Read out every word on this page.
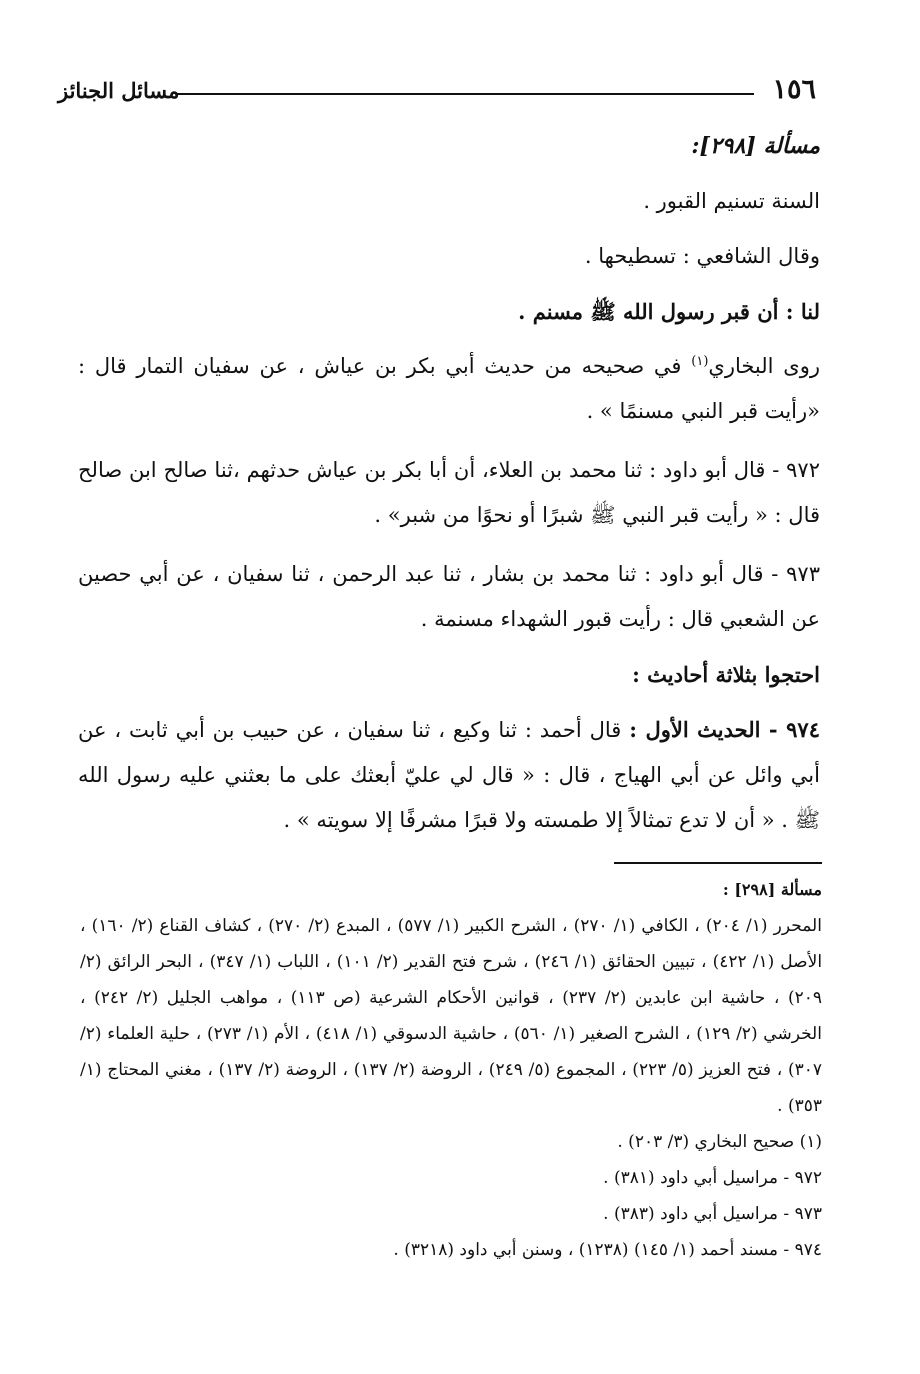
١٥٦
مسائل الجنائز

مسألة [٢٩٨]:

السنة تسنيم القبور .

وقال الشافعي : تسطيحها .

لنا : أن قبر رسول الله ﷺ مسنم .

روى البخاري$^{(١)}$ في صحيحه من حديث أبي بكر بن عياش ، عن سفيان التمار قال : «رأيت قبر النبي مسنمًا » .

٩٧٢ - قال أبو داود : ثنا محمد بن العلاء، أن أبا بكر بن عياش حدثهم ،ثنا صالح ابن صالح قال : « رأيت قبر النبي ﷺ شبرًا أو نحوًا من شبر» .

٩٧٣ - قال أبو داود : ثنا محمد بن بشار ، ثنا عبد الرحمن ، ثنا سفيان ، عن أبي حصين عن الشعبي قال : رأيت قبور الشهداء مسنمة .

احتجوا بثلاثة أحاديث :

٩٧٤ - الحديث الأول : قال أحمد : ثنا وكيع ، ثنا سفيان ، عن حبيب بن أبي ثابت ، عن أبي وائل عن أبي الهياج ، قال : « قال لي عليّ أبعثك على ما بعثني عليه رسول الله ﷺ . « أن لا تدع تمثالاً إلا طمسته ولا قبرًا مشرفًا إلا سويته » .

مسألة [٢٩٨] :

المحرر (١/ ٢٠٤) ، الكافي (١/ ٢٧٠) ، الشرح الكبير (١/ ٥٧٧) ، المبدع (٢/ ٢٧٠) ، كشاف القناع (٢/ ١٦٠) ، الأصل (١/ ٤٢٢) ، تبيين الحقائق (١/ ٢٤٦) ، شرح فتح القدير (٢/ ١٠١) ، اللباب (١/ ٣٤٧) ، البحر الرائق (٢/ ٢٠٩) ، حاشية ابن عابدين (٢/ ٢٣٧) ، قوانين الأحكام الشرعية (ص ١١٣) ، مواهب الجليل (٢/ ٢٤٢) ، الخرشي (٢/ ١٢٩) ، الشرح الصغير (١/ ٥٦٠) ، حاشية الدسوقي (١/ ٤١٨) ، الأم (١/ ٢٧٣) ، حلية العلماء (٢/ ٣٠٧) ، فتح العزيز (٥/ ٢٢٣) ، المجموع (٥/ ٢٤٩) ، الروضة (٢/ ١٣٧) ، الروضة (٢/ ١٣٧) ، مغني المحتاج (١/ ٣٥٣) .

(١) صحيح البخاري (٣/ ٢٠٣) .

٩٧٢ - مراسيل أبي داود (٣٨١) .

٩٧٣ - مراسيل أبي داود (٣٨٣) .

٩٧٤ - مسند أحمد (١/ ١٤٥) (١٢٣٨) ، وسنن أبي داود (٣٢١٨) .
